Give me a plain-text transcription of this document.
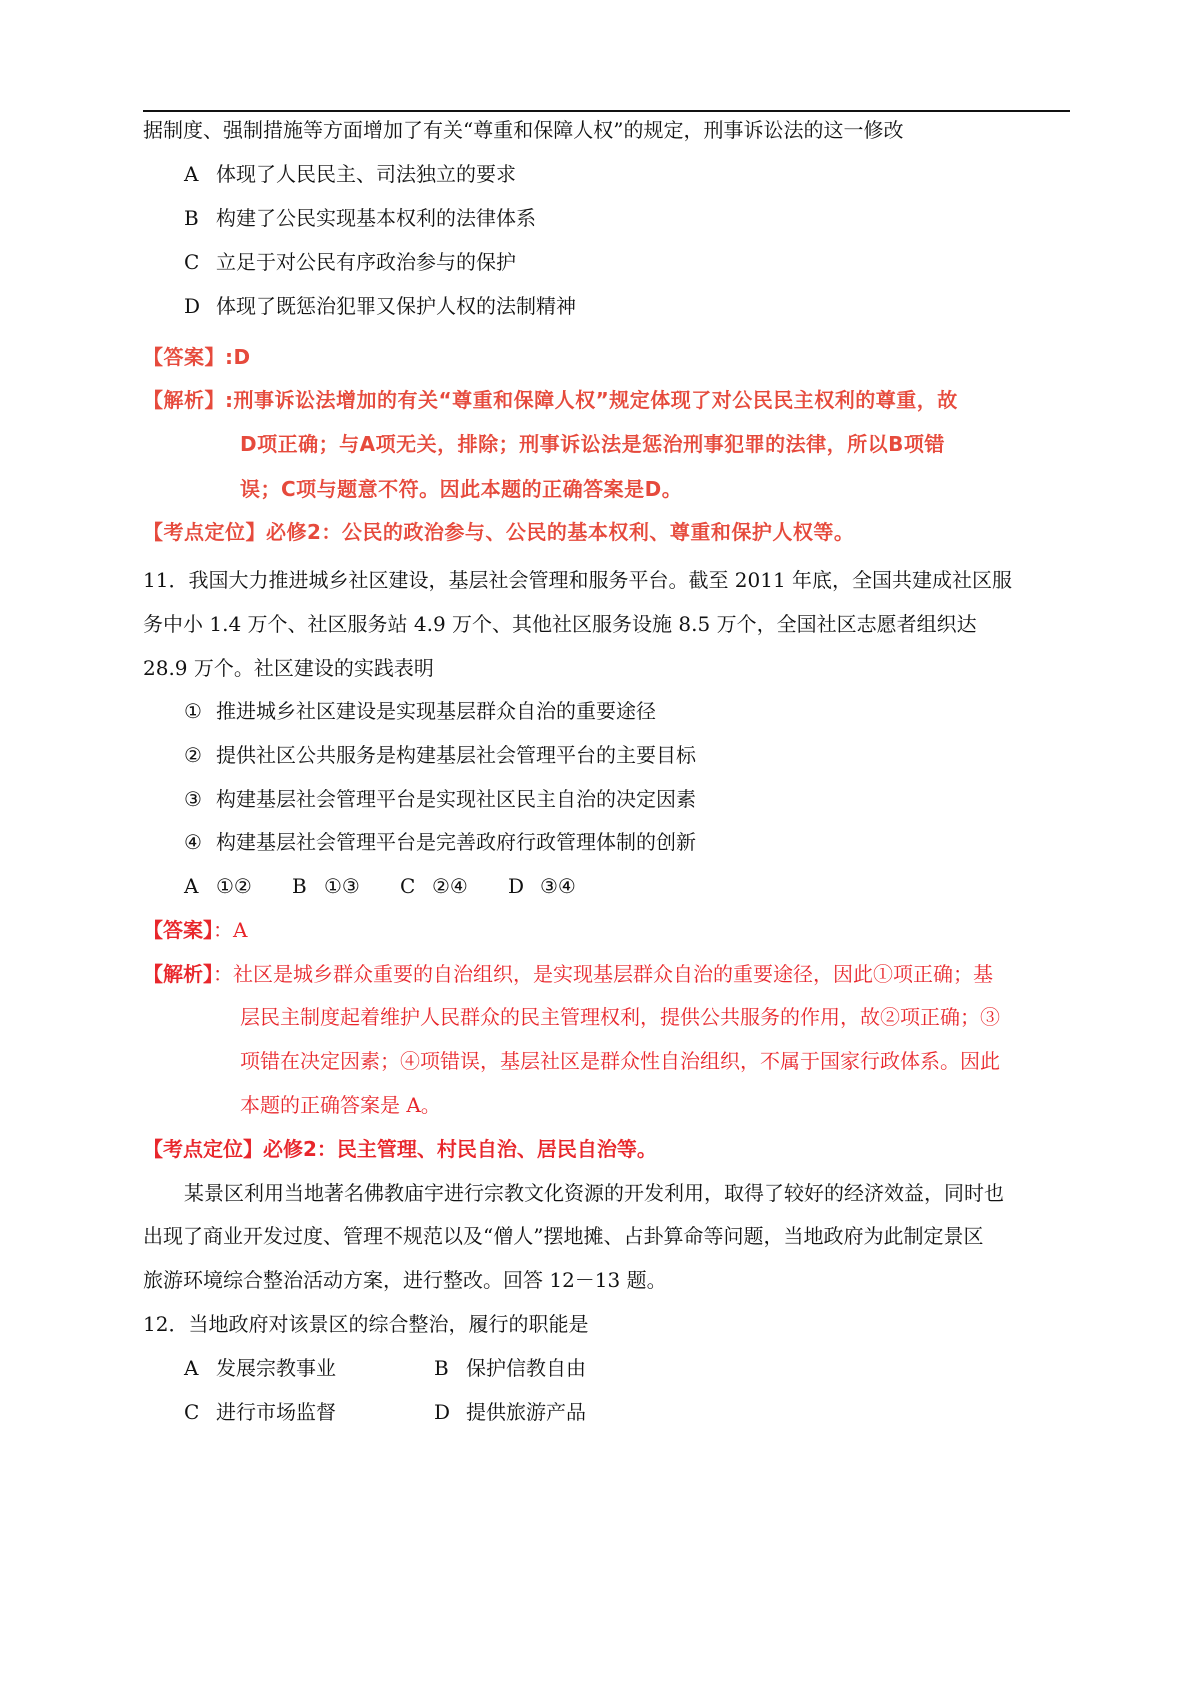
据制度、强制措施等方面增加了有关“尊重和保障人权”的规定，刑事诉讼法的这一修改
A 体现了人民民主、司法独立的要求
B 构建了公民实现基本权利的法律体系
C 立足于对公民有序政治参与的保护
D 体现了既惩治犯罪又保护人权的法制精神
【答案】:D
【解析】:刑事诉讼法增加的有关“尊重和保障人权”规定体现了对公民民主权利的尊重，故
D项正确；与A项无关，排除；刑事诉讼法是惩治刑事犯罪的法律，所以B项错
误；C项与题意不符。因此本题的正确答案是D。
【考点定位】必修2：公民的政治参与、公民的基本权利、尊重和保护人权等。
11．我国大力推进城乡社区建设，基层社会管理和服务平台。截至 2011 年底，全国共建成社区服
务中小 1.4 万个、社区服务站 4.9 万个、其他社区服务设施 8.5 万个，全国社区志愿者组织达
28.9 万个。社区建设的实践表明
① 推进城乡社区建设是实现基层群众自治的重要途径
② 提供社区公共服务是构建基层社会管理平台的主要目标
③ 构建基层社会管理平台是实现社区民主自治的决定因素
④ 构建基层社会管理平台是完善政府行政管理体制的创新
A ①② B ①③ C ②④ D ③④
【答案】：A
【解析】：社区是城乡群众重要的自治组织，是实现基层群众自治的重要途径，因此①项正确；基
层民主制度起着维护人民群众的民主管理权利，提供公共服务的作用，故②项正确；③
项错在决定因素；④项错误，基层社区是群众性自治组织，不属于国家行政体系。因此
本题的正确答案是 A。
【考点定位】必修2：民主管理、村民自治、居民自治等。
某景区利用当地著名佛教庙宇进行宗教文化资源的开发利用，取得了较好的经济效益，同时也
出现了商业开发过度、管理不规范以及“僧人”摆地摊、占卦算命等问题，当地政府为此制定景区
旅游环境综合整治活动方案，进行整改。回答 12－13 题。
12．当地政府对该景区的综合整治，履行的职能是
A 发展宗教事业	B 保护信教自由
C 进行市场监督	D 提供旅游产品
